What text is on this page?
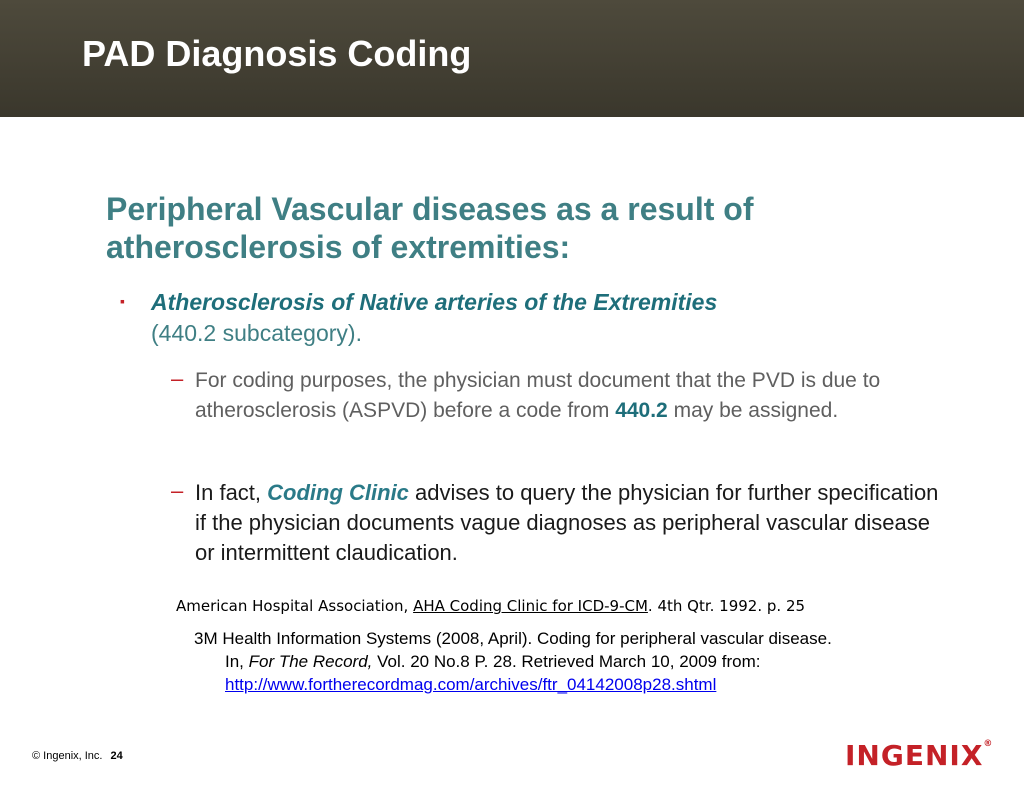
PAD Diagnosis Coding
Peripheral Vascular diseases as a result of atherosclerosis of extremities:
▪ Atherosclerosis of Native arteries of the Extremities
(440.2 subcategory).
– For coding purposes, the physician must document that the PVD is due to atherosclerosis (ASPVD) before a code from 440.2 may be assigned.
– In fact, Coding Clinic advises to query the physician for further specification if the physician documents vague diagnoses as peripheral vascular disease or intermittent claudication.
American Hospital Association, AHA Coding Clinic for ICD-9-CM. 4th Qtr. 1992. p. 25
3M Health Information Systems (2008, April). Coding for peripheral vascular disease.
In, For The Record, Vol. 20 No.8 P. 28. Retrieved March 10, 2009 from:
http://www.fortherecordmag.com/archives/ftr_04142008p28.shtml
© Ingenix, Inc. 24	INGENIX®
